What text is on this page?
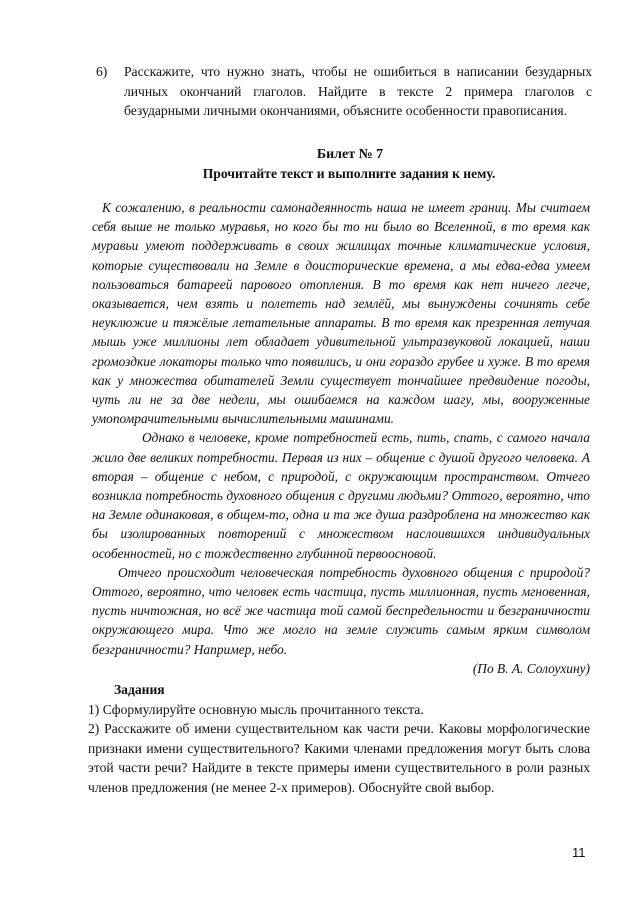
6) Расскажите, что нужно знать, чтобы не ошибиться в написании безударных личных окончаний глаголов. Найдите в тексте 2 примера глаголов с безударными личными окончаниями, объясните особенности правописания.
Билет № 7
Прочитайте текст и выполните задания к нему.

К сожалению, в реальности самонадеянность наша не имеет границ. Мы считаем себя выше не только муравья, но кого бы то ни было во Вселенной, в то время как муравьи умеют поддерживать в своих жилищах точные климатические условия, которые существовали на Земле в доисторические времена, а мы едва-едва умеем пользоваться батареей парового отопления. В то время как нет ничего легче, оказывается, чем взять и полететь над землёй, мы вынуждены сочинять себе неуклюжие и тяжёлые летательные аппараты. В то время как презренная летучая мышь уже миллионы лет обладает удивительной ультразвуковой локацией, наши громоздкие локаторы только что появились, и они гораздо грубее и хуже. В то время как у множества обитателей Земли существует тончайшее предвидение погоды, чуть ли не за две недели, мы ошибаемся на каждом шагу, мы, вооруженные умопомрачительными вычислительными машинами.

Однако в человеке, кроме потребностей есть, пить, спать, с самого начала жило две великих потребности. Первая из них – общение с душой другого человека. А вторая – общение с небом, с природой, с окружающим пространством. Отчего возникла потребность духовного общения с другими людьми? Оттого, вероятно, что на Земле одинаковая, в общем-то, одна и та же душа раздроблена на множество как бы изолированных повторений с множеством наслоившихся индивидуальных особенностей, но с тождественно глубинной первоосновой.

Отчего происходит человеческая потребность духовного общения с природой? Оттого, вероятно, что человек есть частица, пусть миллионная, пусть мгновенная, пусть ничтожная, но всё же частица той самой беспредельности и безграничности окружающего мира. Что же могло на земле служить самым ярким символом безграничности? Например, небо.

(По В. А. Солоухину)

Задания

1) Сформулируйте основную мысль прочитанного текста.

2) Расскажите об имени существительном как части речи. Каковы морфологические признаки имени существительного? Какими членами предложения могут быть слова этой части речи? Найдите в тексте примеры имени существительного в роли разных членов предложения (не менее 2-х примеров). Обоснуйте свой выбор.

11
